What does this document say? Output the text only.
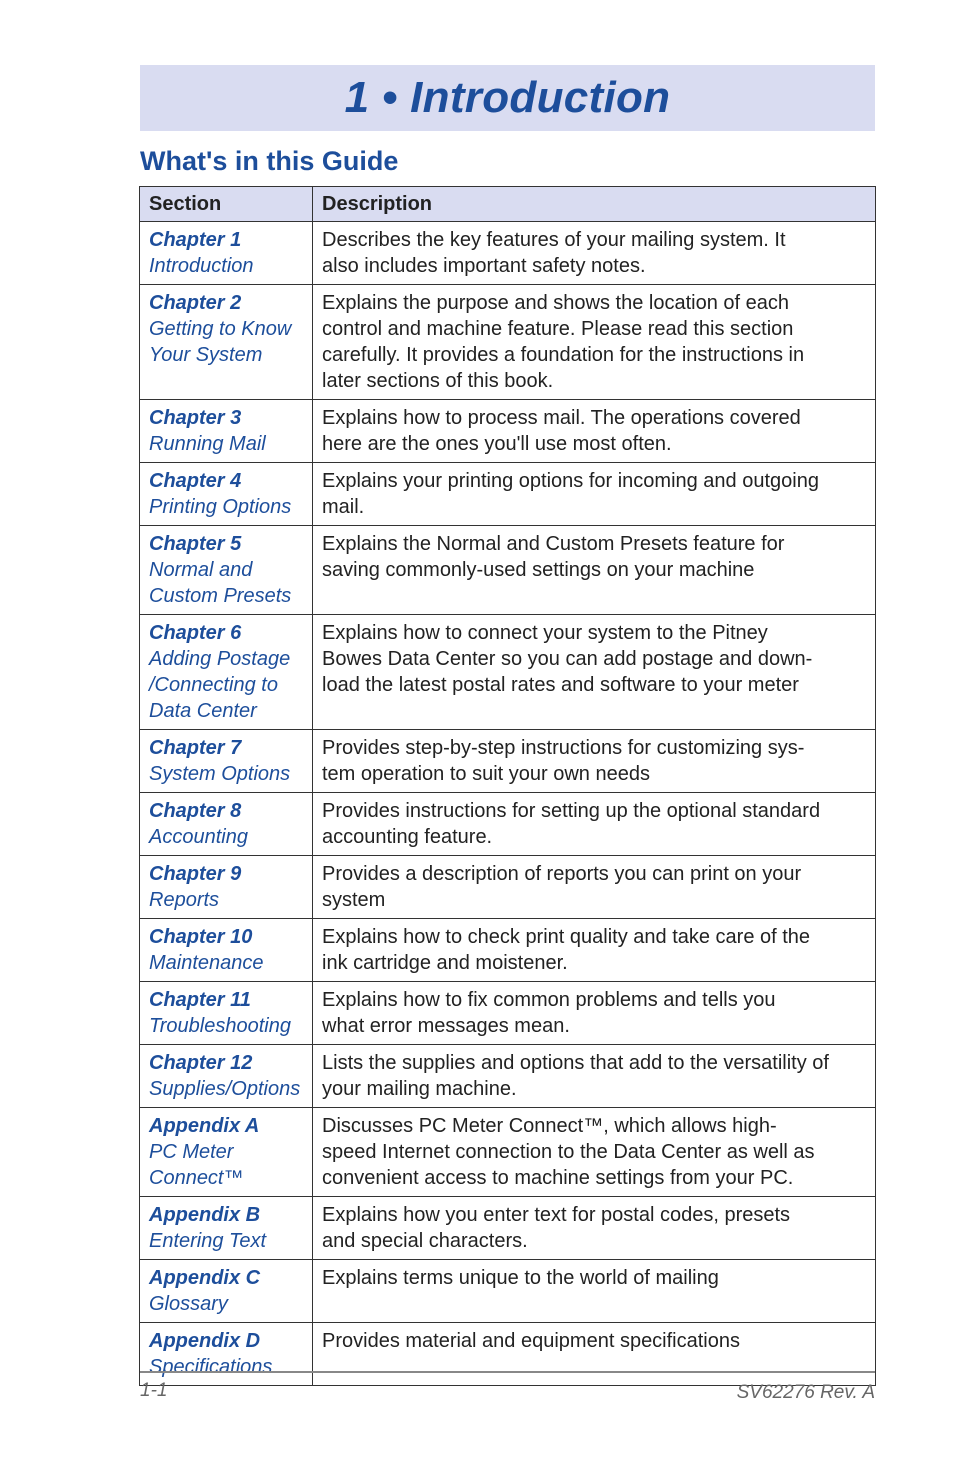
1 • Introduction
What's in this Guide
Section	Description

Chapter 1
Introduction	Describes the key features of your mailing system. It
also includes important safety notes.

Chapter 2
Getting to Know
Your System	Explains the purpose and shows the location of each
control and machine feature. Please read this section
carefully. It provides a foundation for the instructions in
later sections of this book.

Chapter 3
Running Mail	Explains how to process mail. The operations covered
here are the ones you'll use most often.

Chapter 4
Printing Options	Explains your printing options for incoming and outgoing
mail.

Chapter 5
Normal and
Custom Presets	Explains the Normal and Custom Presets feature for
saving commonly-used settings on your machine

Chapter 6
Adding Postage
/Connecting to
Data Center	Explains how to connect your system to the Pitney
Bowes Data Center so you can add postage and down-
load the latest postal rates and software to your meter

Chapter 7
System Options	Provides step-by-step instructions for customizing sys-
tem operation to suit your own needs

Chapter 8
Accounting	Provides instructions for setting up the optional standard
accounting feature.

Chapter 9
Reports	Provides a description of reports you can print on your
system

Chapter 10
Maintenance	Explains how to check print quality and take care of the
ink cartridge and moistener.

Chapter 11
Troubleshooting	Explains how to fix common problems and tells you
what error messages mean.

Chapter 12
Supplies/Options	Lists the supplies and options that add to the versatility of
your mailing machine.

Appendix A
PC Meter
Connect™	Discusses PC Meter Connect™, which allows high-
speed Internet connection to the Data Center as well as
convenient access to machine settings from your PC.

Appendix B
Entering Text	Explains how you enter text for postal codes, presets
and special characters.

Appendix C
Glossary	Explains terms unique to the world of mailing

Appendix D
Specifications	Provides material and equipment specifications
1-1	SV62276 Rev. A
